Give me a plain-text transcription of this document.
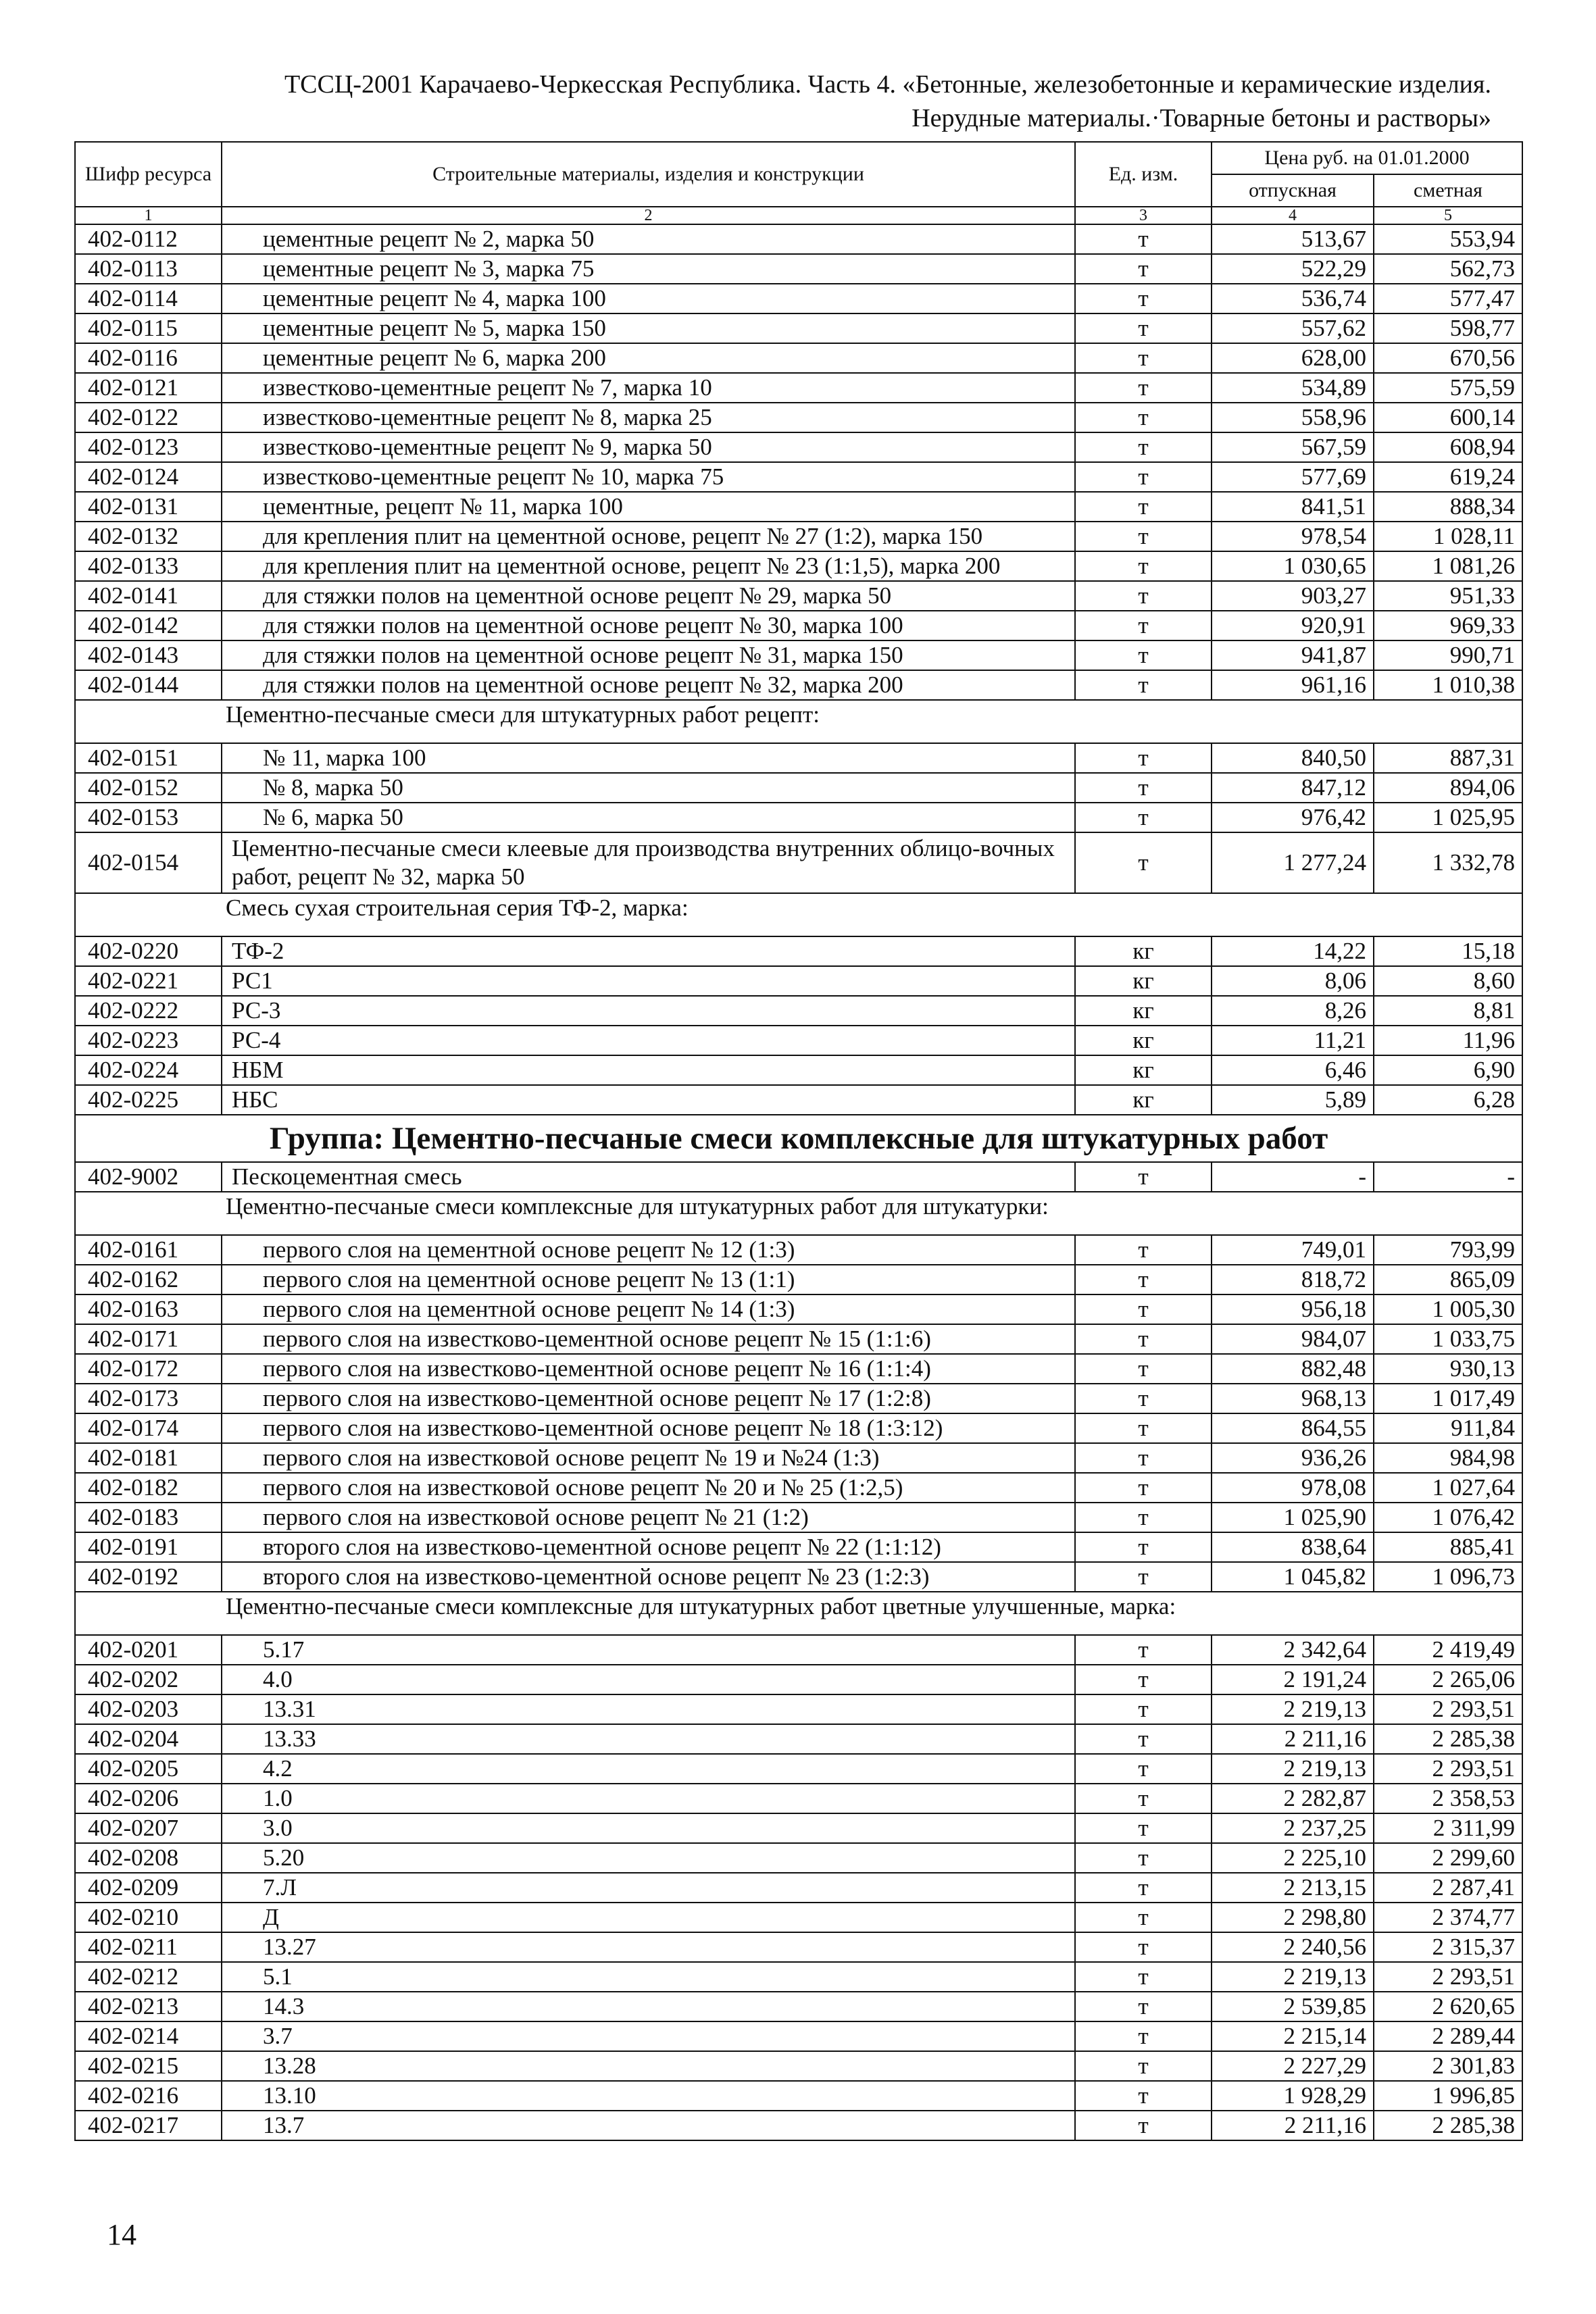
ТССЦ-2001 Карачаево-Черкесская Республика. Часть 4. «Бетонные, железобетонные и керамические изделия.
Нерудные материалы.·Товарные бетоны и растворы»
Шифр ресурса	Строительные материалы, изделия и конструкции	Ед. изм.	Цена руб. на 01.01.2000	
			отпускная	сметная
1	2	3	4	5
402-0112	цементные рецепт № 2, марка 50	т	513,67	553,94
402-0113	цементные рецепт № 3, марка 75	т	522,29	562,73
402-0114	цементные рецепт № 4, марка 100	т	536,74	577,47
402-0115	цементные рецепт № 5, марка 150	т	557,62	598,77
402-0116	цементные рецепт № 6, марка 200	т	628,00	670,56
402-0121	известково-цементные рецепт № 7, марка 10	т	534,89	575,59
402-0122	известково-цементные рецепт № 8, марка 25	т	558,96	600,14
402-0123	известково-цементные рецепт № 9, марка 50	т	567,59	608,94
402-0124	известково-цементные рецепт № 10, марка 75	т	577,69	619,24
402-0131	цементные, рецепт № 11, марка 100	т	841,51	888,34
402-0132	для крепления плит на цементной основе, рецепт № 27 (1:2), марка 150	т	978,54	1 028,11
402-0133	для крепления плит на цементной основе, рецепт № 23 (1:1,5), марка 200	т	1 030,65	1 081,26
402-0141	для стяжки полов на цементной основе рецепт № 29, марка 50	т	903,27	951,33
402-0142	для стяжки полов на цементной основе рецепт № 30, марка 100	т	920,91	969,33
402-0143	для стяжки полов на цементной основе рецепт № 31, марка 150	т	941,87	990,71
402-0144	для стяжки полов на цементной основе рецепт № 32, марка 200	т	961,16	1 010,38
Цементно-песчаные смеси для штукатурных работ рецепт:				
402-0151	№ 11, марка 100	т	840,50	887,31
402-0152	№ 8, марка 50	т	847,12	894,06
402-0153	№ 6, марка 50	т	976,42	1 025,95
402-0154	Цементно-песчаные смеси клеевые для производства внутренних облицо-вочных работ, рецепт № 32, марка 50	т	1 277,24	1 332,78
Смесь сухая строительная серия ТФ-2, марка:				
402-0220	ТФ-2	кг	14,22	15,18
402-0221	РС1	кг	8,06	8,60
402-0222	РС-3	кг	8,26	8,81
402-0223	РС-4	кг	11,21	11,96
402-0224	НБМ	кг	6,46	6,90
402-0225	НБС	кг	5,89	6,28
Группа: Цементно-песчаные смеси комплексные для штукатурных работ				
402-9002	Пескоцементная смесь	т	-	-
Цементно-песчаные смеси комплексные для штукатурных работ для штукатурки:				
402-0161	первого слоя на цементной основе рецепт № 12 (1:3)	т	749,01	793,99
402-0162	первого слоя на цементной основе рецепт № 13 (1:1)	т	818,72	865,09
402-0163	первого слоя на цементной основе рецепт № 14 (1:3)	т	956,18	1 005,30
402-0171	первого слоя на известково-цементной основе рецепт № 15 (1:1:6)	т	984,07	1 033,75
402-0172	первого слоя на известково-цементной основе рецепт № 16 (1:1:4)	т	882,48	930,13
402-0173	первого слоя на известково-цементной основе рецепт № 17 (1:2:8)	т	968,13	1 017,49
402-0174	первого слоя на известково-цементной основе рецепт № 18 (1:3:12)	т	864,55	911,84
402-0181	первого слоя на известковой основе рецепт № 19 и №24 (1:3)	т	936,26	984,98
402-0182	первого слоя на известковой основе рецепт № 20 и № 25 (1:2,5)	т	978,08	1 027,64
402-0183	первого слоя на известковой основе рецепт № 21 (1:2)	т	1 025,90	1 076,42
402-0191	второго слоя на известково-цементной основе рецепт № 22 (1:1:12)	т	838,64	885,41
402-0192	второго слоя на известково-цементной основе рецепт № 23 (1:2:3)	т	1 045,82	1 096,73
Цементно-песчаные смеси комплексные для штукатурных работ цветные улучшенные, марка:				
402-0201	5.17	т	2 342,64	2 419,49
402-0202	4.0	т	2 191,24	2 265,06
402-0203	13.31	т	2 219,13	2 293,51
402-0204	13.33	т	2 211,16	2 285,38
402-0205	4.2	т	2 219,13	2 293,51
402-0206	1.0	т	2 282,87	2 358,53
402-0207	3.0	т	2 237,25	2 311,99
402-0208	5.20	т	2 225,10	2 299,60
402-0209	7.Л	т	2 213,15	2 287,41
402-0210	Д	т	2 298,80	2 374,77
402-0211	13.27	т	2 240,56	2 315,37
402-0212	5.1	т	2 219,13	2 293,51
402-0213	14.3	т	2 539,85	2 620,65
402-0214	3.7	т	2 215,14	2 289,44
402-0215	13.28	т	2 227,29	2 301,83
402-0216	13.10	т	1 928,29	1 996,85
402-0217	13.7	т	2 211,16	2 285,38
14
